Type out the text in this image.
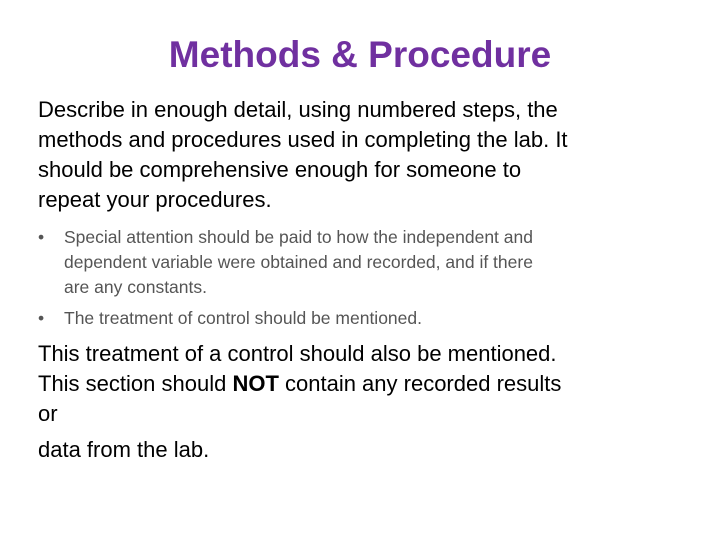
Methods & Procedure

Describe in enough detail, using numbered steps, the
methods and procedures used in completing the lab. It
should be comprehensive enough for someone to
repeat your procedures.

• Special attention should be paid to how the independent and
dependent variable were obtained and recorded, and if there
are any constants.
• The treatment of control should be mentioned.

This treatment of a control should also be mentioned.
This section should NOT contain any recorded results
or
data from the lab.
